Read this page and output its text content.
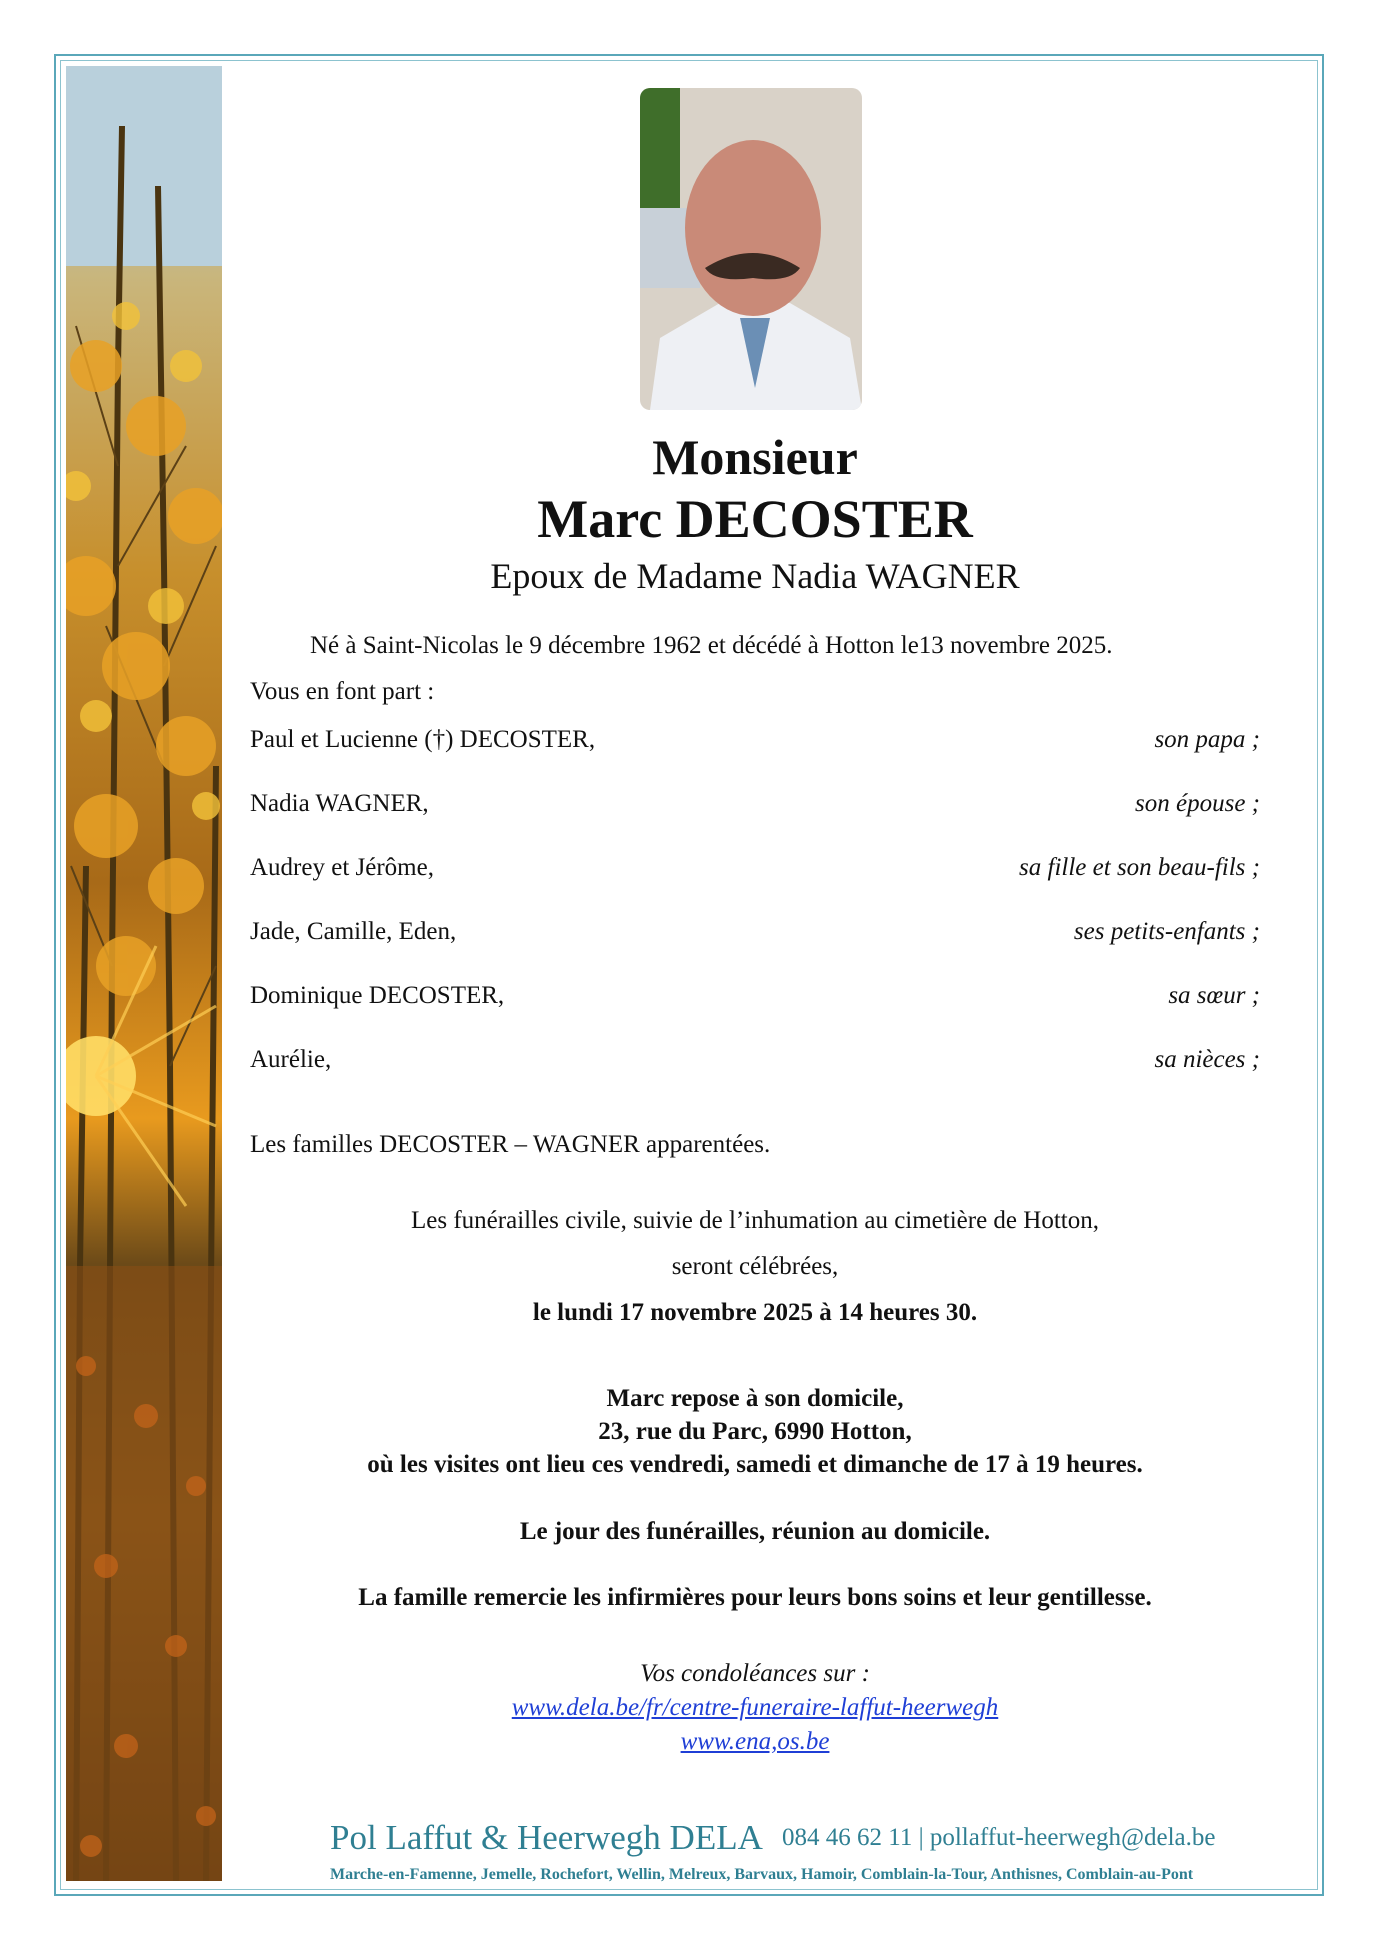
Monsieur
Marc DECOSTER
Epoux de Madame Nadia WAGNER
Né à Saint-Nicolas le 9 décembre 1962 et décédé à Hotton le13 novembre 2025.
Vous en font part :
Paul et Lucienne (†) DECOSTER,	son papa ;
Nadia WAGNER,	son épouse ;
Audrey et Jérôme,	sa fille et son beau-fils ;
Jade, Camille, Eden,	ses petits-enfants ;
Dominique DECOSTER,	sa sœur ;
Aurélie,	sa nièces ;
Les familles DECOSTER – WAGNER apparentées.
Les funérailles civile, suivie de l’inhumation au cimetière de Hotton,
seront célébrées,
le lundi 17 novembre 2025 à 14 heures 30.
Marc repose à son domicile,
23, rue du Parc, 6990 Hotton,
où les visites ont lieu ces vendredi, samedi et dimanche de 17 à 19 heures.
Le jour des funérailles, réunion au domicile.
La famille remercie les infirmières pour leurs bons soins et leur gentillesse.
Vos condoléances sur :
www.dela.be/fr/centre-funeraire-laffut-heerwegh
www.ena,os.be
Pol Laffut & Heerwegh DELA 084 46 62 11 | pollaffut-heerwegh@dela.be
Marche-en-Famenne, Jemelle, Rochefort, Wellin, Melreux, Barvaux, Hamoir, Comblain-la-Tour, Anthisnes, Comblain-au-Pont
